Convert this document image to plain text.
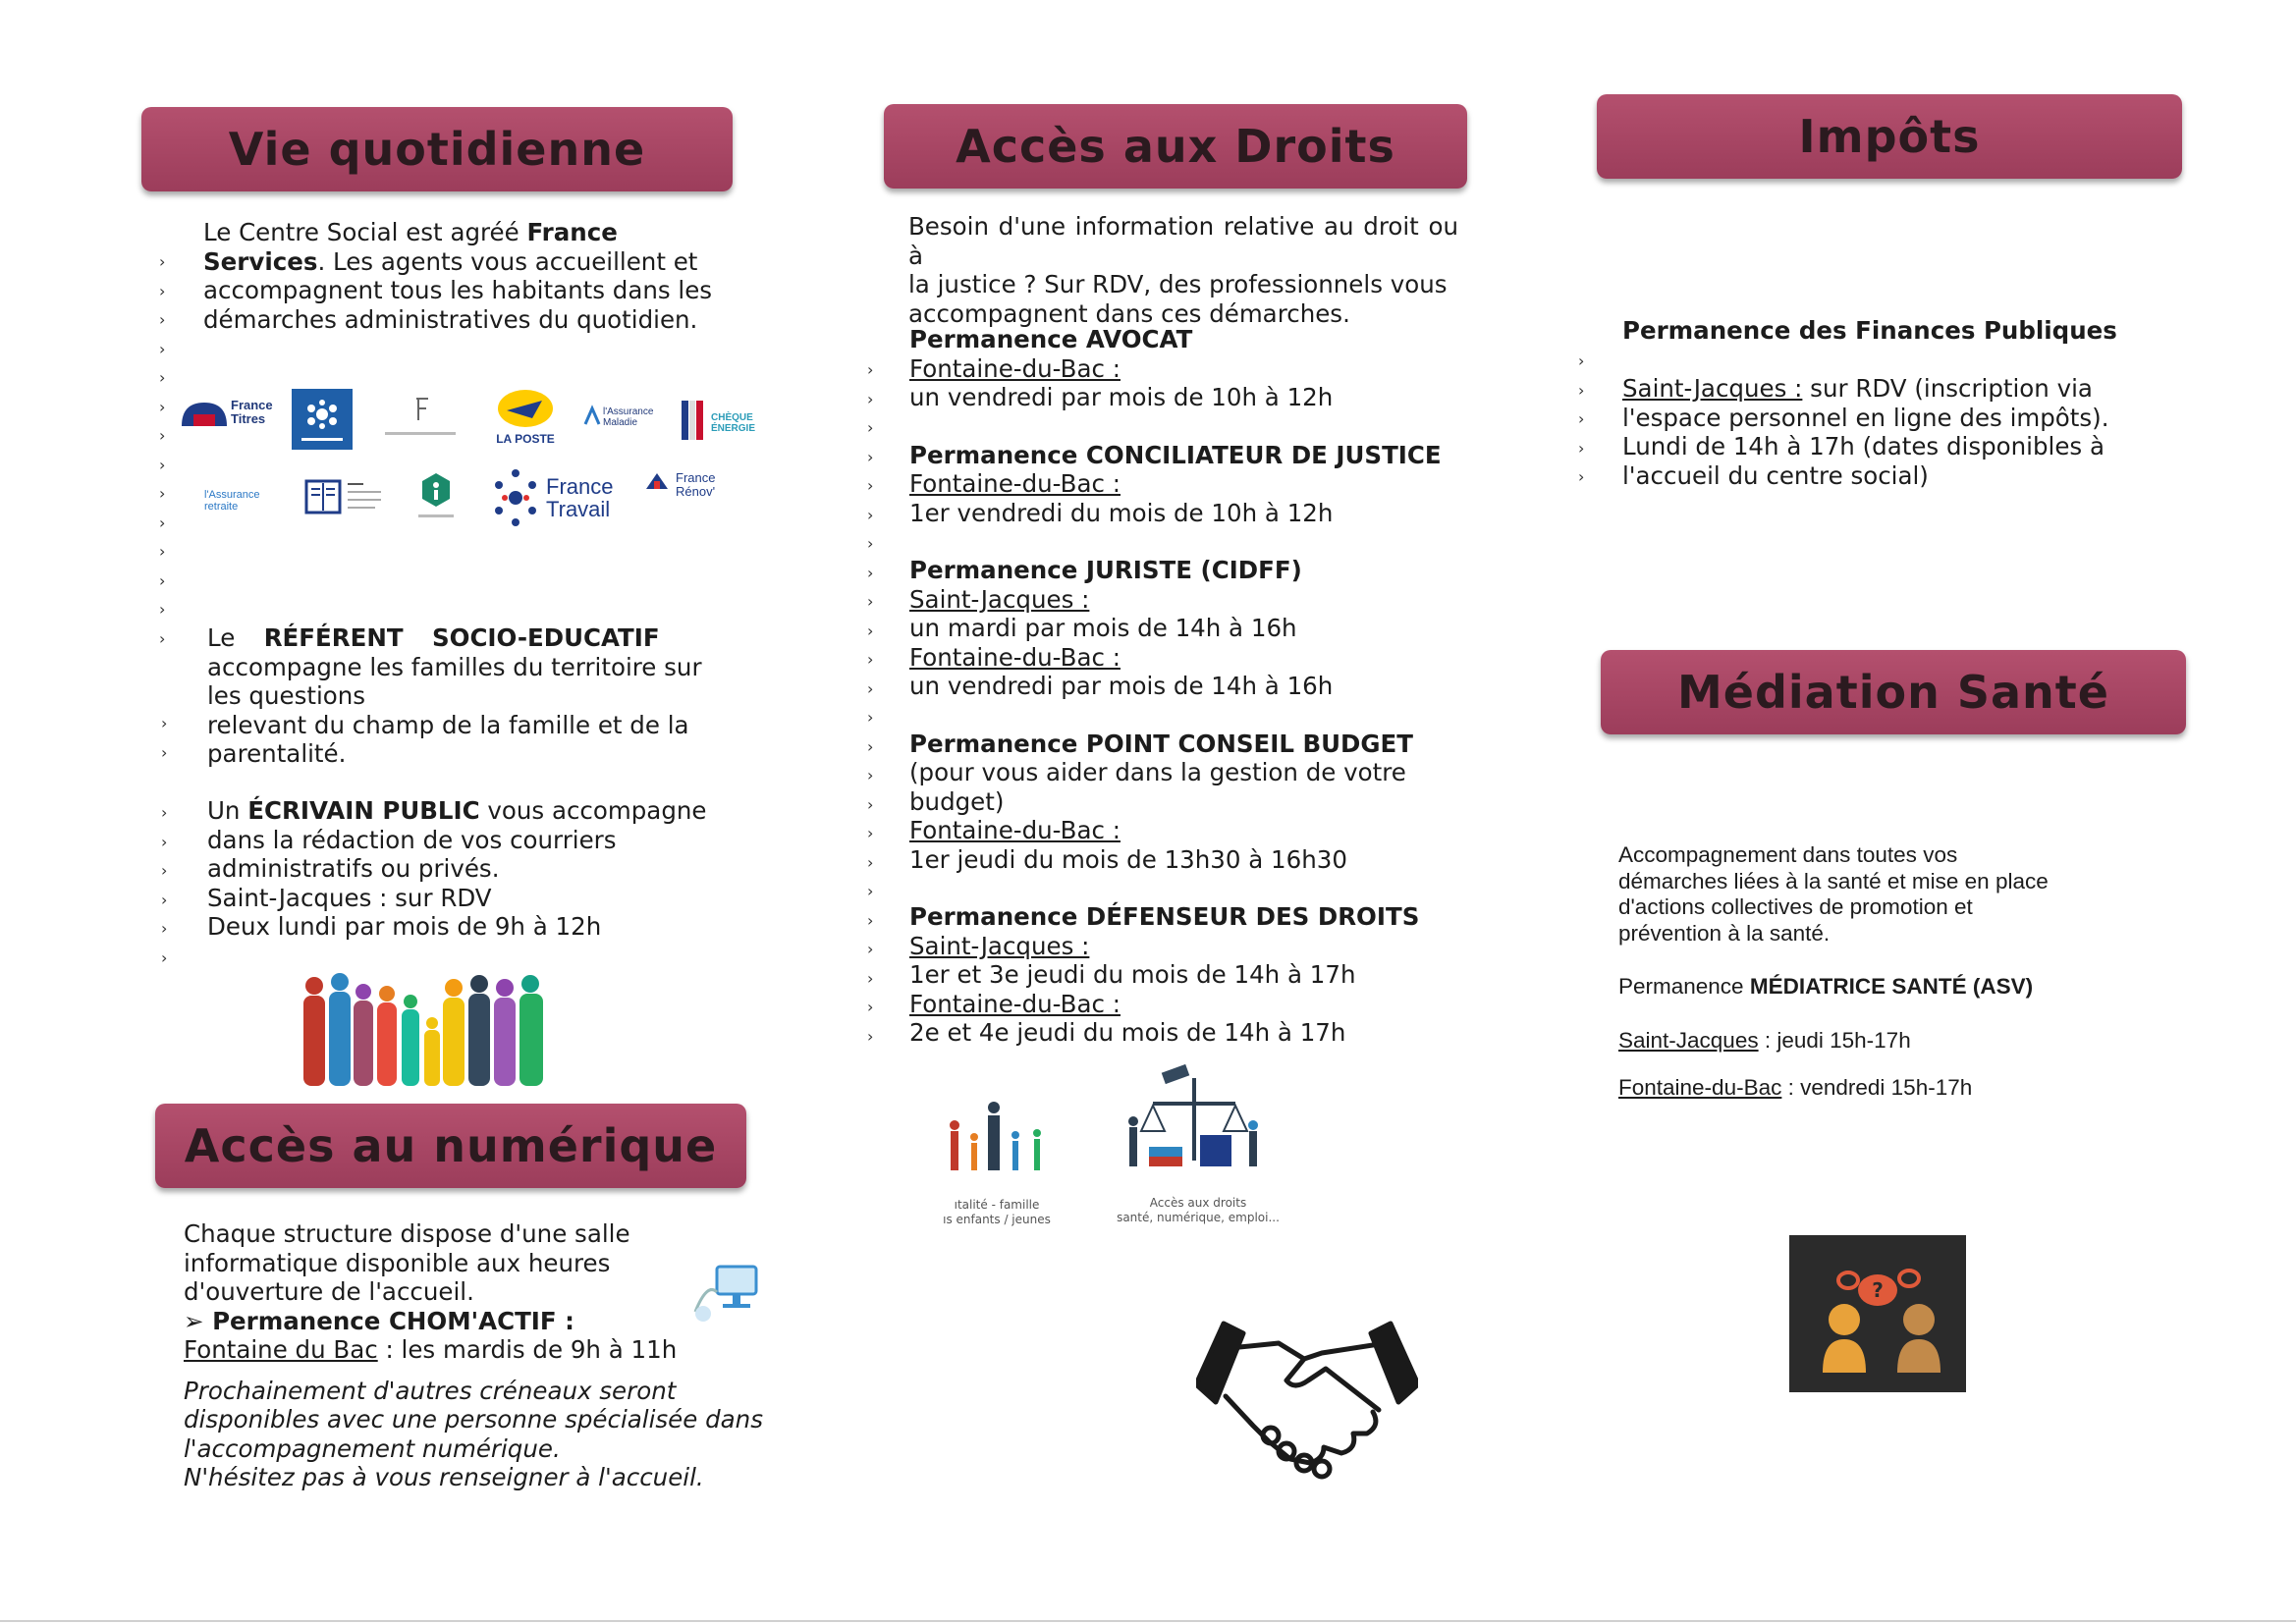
Vie quotidienne
›
›
›
›
›
›
›
›
›
›
›
›
›
›

Le Centre Social est agréé France

Services. Les agents vous accueillent et

accompagnent tous les habitants dans les

démarches administratives du quotidien.

France Titres
LA POSTE
l'Assurance Maladie	CHÈQUE ÉNERGIE
l'Assurance retraite
France Travail
France Rénov'
›
›

Le RÉFÉRENT SOCIO-EDUCATIF

accompagne les familles du territoire sur

les questions

relevant du champ de la famille et de la

parentalité.

›
›
›
›
›
›

Un ÉCRIVAIN PUBLIC vous accompagne

dans la rédaction de vos courriers

administratifs ou privés.

Saint-Jacques : sur RDV

Deux lundi par mois de 9h à 12h

Accès au numérique

Chaque structure dispose d'une salle

informatique disponible aux heures

d'ouverture de l'accueil.

➢ Permanence CHOM'ACTIF :

Fontaine du Bac : les mardis de 9h à 11h

Prochainement d'autres créneaux seront

disponibles avec une personne spécialisée dans

l'accompagnement numérique.

N'hésitez pas à vous renseigner à l'accueil.

Accès aux Droits

Besoin d'une information relative au droit ou à

la justice ? Sur RDV, des professionnels vous

accompagnent dans ces démarches.

›
›
›
›
›
›
›
›
›
›
›
›
›
›
›
›
›
›
›
›
›
›
›
›

Permanence AVOCAT

Fontaine-du-Bac :

un vendredi par mois de 10h à 12h

Permanence CONCILIATEUR DE JUSTICE

Fontaine-du-Bac :

1er vendredi du mois de 10h à 12h

Permanence JURISTE (CIDFF)

Saint-Jacques :

un mardi par mois de 14h à 16h

Fontaine-du-Bac :

un vendredi par mois de 14h à 16h

Permanence POINT CONSEIL BUDGET

(pour vous aider dans la gestion de votre

budget)

Fontaine-du-Bac :

1er jeudi du mois de 13h30 à 16h30

Permanence DÉFENSEUR DES DROITS

Saint-Jacques :

1er et 3e jeudi du mois de 14h à 17h

Fontaine-du-Bac :

2e et 4e jeudi du mois de 14h à 17h

ıtalité - famille
ıs enfants / jeunes
Accès aux droits
santé, numérique, emploi...
Impôts

Permanence des Finances Publiques

›
›
›
›
›

Saint-Jacques : sur RDV (inscription via

l'espace personnel en ligne des impôts).

Lundi de 14h à 17h (dates disponibles à

l'accueil du centre social)

Médiation Santé

Accompagnement dans toutes vos

démarches liées à la santé et mise en place

d'actions collectives de promotion et

prévention à la santé.

Permanence MÉDIATRICE SANTÉ (ASV)

Saint-Jacques : jeudi 15h-17h

Fontaine-du-Bac : vendredi 15h-17h

?
